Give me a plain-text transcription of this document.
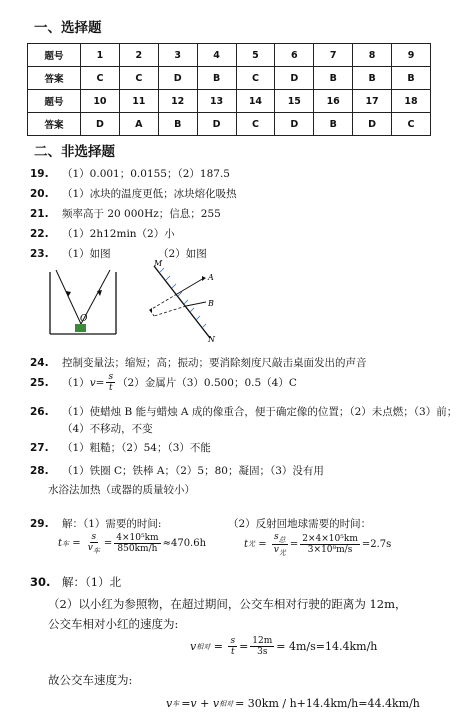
一、选择题
题号	1	2	3	4	5	6	7	8	9
答案	C	C	D	B	C	D	B	B	B
题号	10	11	12	13	14	15	16	17	18
答案	D	A	B	D	C	D	B	D	C
二、非选择题
19. （1）0.001；0.0155；（2）187.5
20. （1）冰块的温度更低；冰块熔化吸热
21. 频率高于 20 000Hz；信息；255
22. （1）2h12min（2）小
23. （1）如图	（2）如图
O
M
A
B
N
24. 控制变量法；缩短；高；振动；要消除刻度尺敲击桌面发出的声音
25.	（1） $v = \frac{s}{t} (2)$金属片（3）0.500；0.5（4）C
26. （1）使蜡烛 B 能与蜡烛 A 成的像重合，便于确定像的位置；（2）未点燃；（3）前；
（4）不移动，不变
27. （1）粗糙；（2）54；（3）不能
28. （1）铁圈 C；铁棒 A；（2）5；80；凝固；（3）没有用
水浴法加热（或器的质量较小）
29. 解：（1）需要的时间:	（2）反射回地球需要的时间：
t 车 = $\frac{s}{v_车} = \frac{\text{4×10⁵km}}{850km/h} \approx 470.6h$	t 光 = $\frac{s_总}{v_光} = \frac{\text{2×4×10⁵km}}{\text{3×10⁸m/s}} =2.7s$
30. 解：（1）北
（2）以小红为参照物，在超过期间，公交车相对行驶的距离为 12m，
公交车相对小红的速度为:
v 相对 = $\frac{s}{t} = \frac{12m}{3s} = 4m/s=14.4km/h$
故公交车速度为:
v 车 =v + v 相对 = 30km / h+14.4km/h=44.4km/h
